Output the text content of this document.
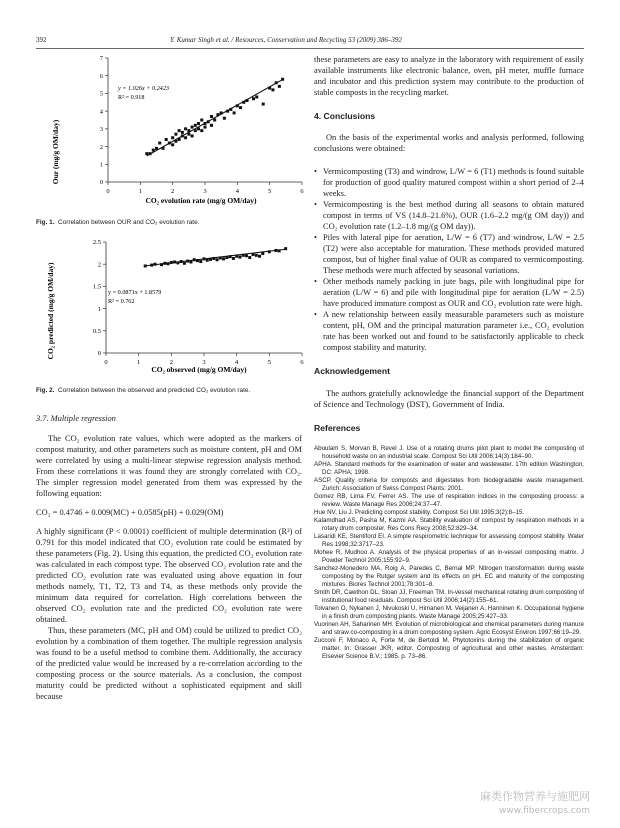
392	Y. Kumar Singh et al. / Resources, Conservation and Recycling 53 (2009) 386–392
Our (mg/g OM/day)
CO₂ evolution rate (mg/g OM/day)
y = 1.026x + 0.2423
R² = 0.918
0	1	2	3	4	5	6
0
1
2
3
4
5
6
7

Fig. 1. Correlation between OUR and CO₂ evolution rate.

CO₂ predicted (mg/g OM/day)
CO₂ observed (mg/g OM/day)
y = 0.0871x + 1.8579
R² = 0.762
0	1	2	3	4	5	6
0
0.5
1
1.5
2
2.5

Fig. 2. Correlation between the observed and predicted CO₂ evolution rate.

3.7. Multiple regression

The CO₂ evolution rate values, which were adopted as the markers of compost maturity, and other parameters such as moisture content, pH and OM were correlated by using a multi-linear stepwise regression analysis method. From these correlations it was found they are strongly correlated with CO₂. The simpler regression model generated from them was expressed by the following equation:

CO₂ = 0.4746 + 0.009(MC) + 0.0585(pH) + 0.029(OM)

A highly significant (P < 0.0001) coefficient of multiple determination (R²) of 0.791 for this model indicated that CO₂ evolution rate could be estimated by these parameters (Fig. 2). Using this equation, the predicted CO₂ evolution rate was calculated in each compost type. The observed CO₂ evolution rate and the predicted CO₂ evolution rate was evaluated using above equation in four methods namely, T1, T2, T3 and T4, as these methods only provide the minimum data required for correlation. High correlations between the observed CO₂ evolution rate and the predicted CO₂ evolution rate were obtained.

Thus, these parameters (MC, pH and OM) could be utilized to predict CO₂ evolution by a combination of them together. The multiple regression analysis was found to be a useful method to combine them. Additionally, the accuracy of the predicted value would be increased by a re-correlation according to the composting process or the source materials. As a conclusion, the compost maturity could be predicted without a sophisticated equipment and skill because

these parameters are easy to analyze in the laboratory with requirement of easily available instruments like electronic balance, oven, pH meter, muffle furnace and incubator and this prediction system may contribute to the production of stable composts in the recycling market.

4. Conclusions

On the basis of the experimental works and analysis performed, following conclusions were obtained:

• Vermicomposting (T3) and windrow, L/W = 6 (T1) methods is found suitable for production of good quality matured compost within a short period of 2–4 weeks.
• Vermicomposting is the best method during all seasons to obtain matured compost in terms of VS (14.8–21.6%), OUR (1.6–2.2 mg/(g OM day)) and CO₂ evolution rate (1.2–1.8 mg/(g OM day)).
• Piles with lateral pipe for aeration, L/W = 6 (T7) and windrow, L/W = 2.5 (T2) were also acceptable for maturation. These methods provided matured compost, but of higher final value of OUR as compared to vermicomposting. These methods were much affected by seasonal variations.
• Other methods namely packing in jute bags, pile with longitudinal pipe for aeration (L/W = 6) and pile with longitudinal pipe for aeration (L/W = 2.5) have produced immature compost as OUR and CO₂ evolution rate were high.
• A new relationship between easily measurable parameters such as moisture content, pH, OM and the principal maturation parameter i.e., CO₂ evolution rate has been worked out and found to be satisfactorily applicable to check compost stability and maturity.

Acknowledgement

The authors gratefully acknowledge the financial support of the Department of Science and Technology (DST), Government of India.

References

Aboulam S, Morvan B, Revel J. Use of a rotating drums pilot plant to model the composting of household waste on an industrial scale. Compost Sci Util 2006;14(3):184–90.

APHA. Standard methods for the examination of water and wastewater. 17th edition Washington, DC: APHA; 1998.

ASCP. Quality criteria for composts and digestates from biodegradable waste management. Zurich: Association of Swiss Compost Plants; 2001.

Gomez RB, Lima FV, Ferrer AS. The use of respiration indices in the composting process: a review. Waste Manage Res 2006;24:37–47.

Hue NV, Liu J. Predicting compost stability. Compost Sci Util 1995;3(2):8–15.

Kalamdhad AS, Pasha M, Kazmi AA. Stability evaluation of compost by respiration methods in a rotary drum composter. Res Cons Recy 2008;52:829–34.

Lasaridi KE, Stentiford EI. A simple respirometric technique for assessing compost stability. Water Res 1998;32:3717–23.

Mohee R, Mudhoo A. Analysis of the physical properties of an in-vessel composting matrix. J Powder Technol 2005;155:92–9.

Sanchez-Monedero MA, Roig A, Paredes C, Bernal MP. Nitrogen transformation during waste composting by the Rutger system and its effects on pH, EC and maturity of the composting mixtures. Biores Technol 2001;78:301–8.

Smith DR, Cawthon DL, Sloan JJ, Freeman TM. In-vessel mechanical rotating drum composting of institutional food residuals. Compost Sci Util 2006;14(2):155–61.

Tolvanen O, Nykanen J, Nivukoski U, Himanen M, Veijanen A, Hanninen K. Occupational hygiene in a finish drum composting plants. Waste Manage 2005;25:427–33.

Vuorinen AH, Saharinen MH. Evolution of microbiological and chemical parameters during manure and straw co-composting in a drum composting system. Agric Ecosyst Environ 1997;66:19–29.

Zucconi F, Monaco A, Forte M, de Bertoldi M. Phytotoxins during the stabilization of organic matter. In: Grasser JKR, editor. Composting of agricultural and other wastes. Amsterdam: Elsevier Science B.V.; 1985. p. 73–86.

麻类作物营养与施肥网
www.fibercrops.com
